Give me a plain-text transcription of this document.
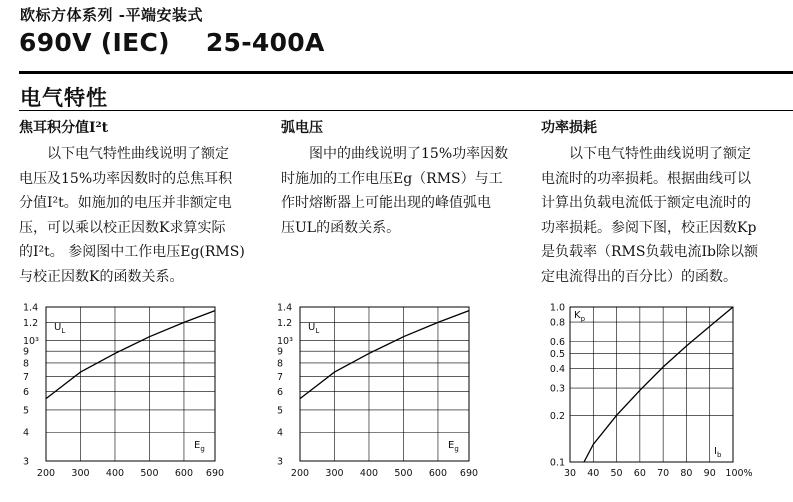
欧标方体系列 -平端安装式
690V (IEC)    25-400A
电气特性
焦耳积分值I²t
　　以下电气特性曲线说明了额定
电压及15%功率因数时的总焦耳积
分值I²t。如施加的电压并非额定电
压，可以乘以校正因数K求算实际
的I²t。 参阅图中工作电压Eg(RMS)
与校正因数K的函数关系。
弧电压
　　图中的曲线说明了15%功率因数
时施加的工作电压Eg（RMS）与工
作时熔断器上可能出现的峰值弧电
压UL的函数关系。
功率损耗
　　以下电气特性曲线说明了额定
电流时的功率损耗。根据曲线可以
计算出负载电流低于额定电流时的
功率损耗。参阅下图，校正因数Kp
是负载率（RMS负载电流Ib除以额
定电流得出的百分比）的函数。
1.4
1.2
10³
9
8
7
6
5
4
3
200 300 400 500 600 690
$U_L$
$E_g$
1.4
1.2
10³
9
8
7
6
5
4
3
200 300 400 500 600 690
$U_L$
$E_g$
1.0
0.8
0.6
0.5
0.4
0.3
0.2
0.1
30 40 50 60 70 80 90 100%
$K_p$
$I_b$
